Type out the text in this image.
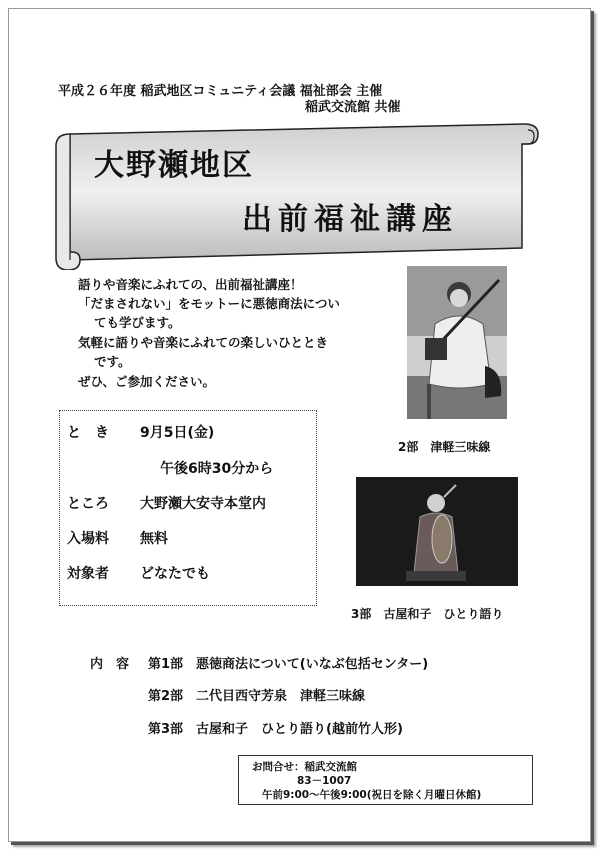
平成２６年度 稲武地区コミュニティ会議 福祉部会 主催
稲武交流館 共催
大野瀬地区
出前福祉講座
語りや音楽にふれての、出前福祉講座！
「だまされない」をモットーに悪徳商法につい
ても学びます。
気軽に語りや音楽にふれての楽しいひととき
です。
ぜひ、ご参加ください。
と　き 9月5日(金)
午後6時30分から
ところ 大野瀬大安寺本堂内
入場料 無料
対象者 どなたでも
2部　津軽三味線
3部　古屋和子　ひとり語り
内　容 第1部　悪徳商法について(いなぶ包括センター)
第2部　二代目西守芳泉　津軽三味線
第3部　古屋和子　ひとり語り(越前竹人形)
お問合せ：稲武交流館
83－1007
午前9:00～午後9:00(祝日を除く月曜日休館)
